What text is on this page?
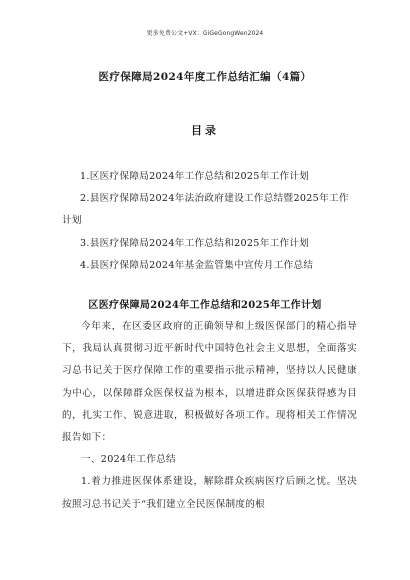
更多免费公文+VX：GiGeGongWen2024
医疗保障局2024年度工作总结汇编（4篇）
目录
1.区医疗保障局2024年工作总结和2025年工作计划
2.县医疗保障局2024年法治政府建设工作总结暨2025年工作计划
3.县医疗保障局2024年工作总结和2025年工作计划
4.县医疗保障局2024年基金监管集中宣传月工作总结
区医疗保障局2024年工作总结和2025年工作计划

今年来，在区委区政府的正确领导和上级医保部门的精心指导下，我局认真贯彻习近平新时代中国特色社会主义思想，全面落实习总书记关于医疗保障工作的重要指示批示精神，坚持以人民健康为中心，以保障群众医保权益为根本，以增进群众医保获得感为目的，扎实工作、锐意进取，积极做好各项工作。现将相关工作情况报告如下：

一、2024年工作总结

1.着力推进医保体系建设，解除群众疾病医疗后顾之忧。坚决按照习总书记关于“我们建立全民医保制度的根
